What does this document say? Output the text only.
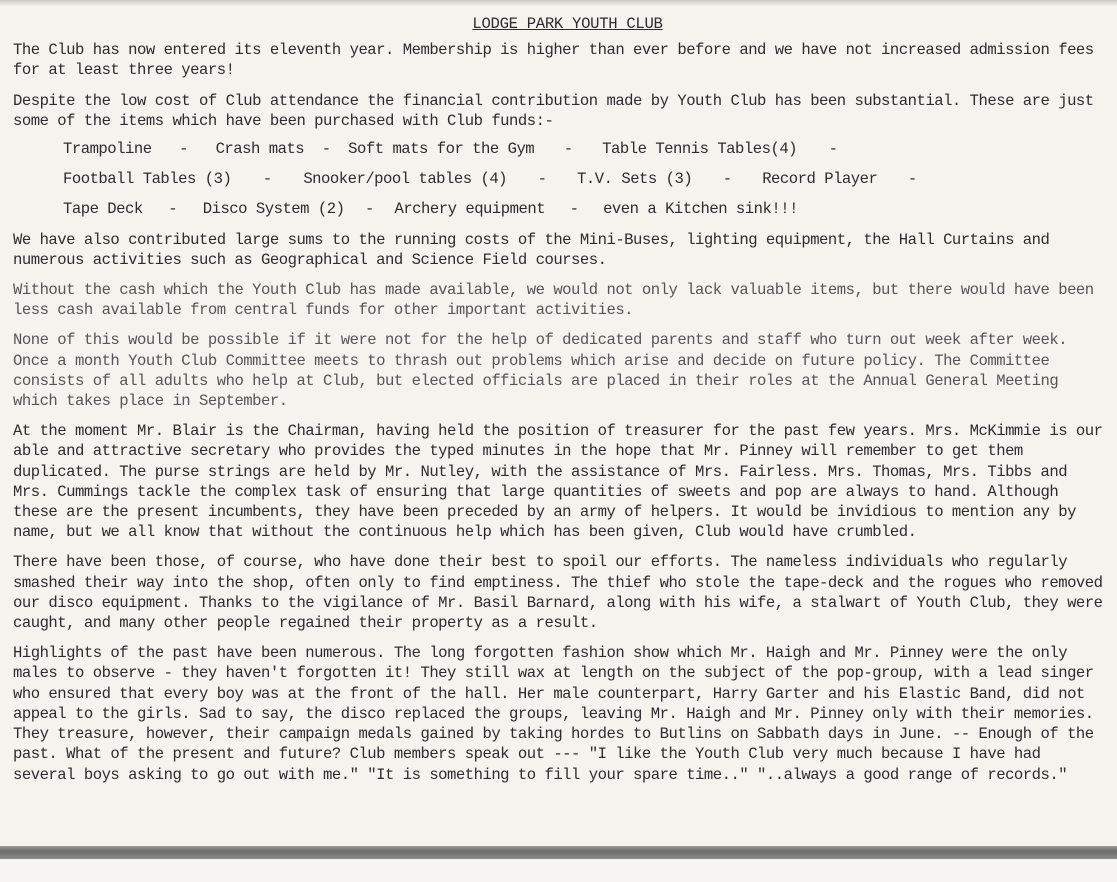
LODGE PARK YOUTH CLUB

The Club has now entered its eleventh year. Membership is higher than ever before and we have not increased admission fees for at least three years!

Despite the low cost of Club attendance the financial contribution made by Youth Club has been substantial. These are just some of the items which have been purchased with Club funds:-

Trampoline - Crash mats - Soft mats for the Gym - Table Tennis Tables(4) -
Football Tables (3) - Snooker/pool tables (4) - T.V. Sets (3) - Record Player -
Tape Deck - Disco System (2) - Archery equipment - even a Kitchen sink!!!

We have also contributed large sums to the running costs of the Mini-Buses, lighting equipment, the Hall Curtains and numerous activities such as Geographical and Science Field courses.

Without the cash which the Youth Club has made available, we would not only lack valuable items, but there would have been less cash available from central funds for other important activities.

None of this would be possible if it were not for the help of dedicated parents and staff who turn out week after week. Once a month Youth Club Committee meets to thrash out problems which arise and decide on future policy. The Committee consists of all adults who help at Club, but elected officials are placed in their roles at the Annual General Meeting which takes place in September.

At the moment Mr. Blair is the Chairman, having held the position of treasurer for the past few years. Mrs. McKimmie is our able and attractive secretary who provides the typed minutes in the hope that Mr. Pinney will remember to get them duplicated. The purse strings are held by Mr. Nutley, with the assistance of Mrs. Fairless. Mrs. Thomas, Mrs. Tibbs and Mrs. Cummings tackle the complex task of ensuring that large quantities of sweets and pop are always to hand. Although these are the present incumbents, they have been preceded by an army of helpers. It would be invidious to mention any by name, but we all know that without the continuous help which has been given, Club would have crumbled.

There have been those, of course, who have done their best to spoil our efforts. The nameless individuals who regularly smashed their way into the shop, often only to find emptiness. The thief who stole the tape-deck and the rogues who removed our disco equipment. Thanks to the vigilance of Mr. Basil Barnard, along with his wife, a stalwart of Youth Club, they were caught, and many other people regained their property as a result.

Highlights of the past have been numerous. The long forgotten fashion show which Mr. Haigh and Mr. Pinney were the only males to observe - they haven't forgotten it! They still wax at length on the subject of the pop-group, with a lead singer who ensured that every boy was at the front of the hall. Her male counterpart, Harry Garter and his Elastic Band, did not appeal to the girls. Sad to say, the disco replaced the groups, leaving Mr. Haigh and Mr. Pinney only with their memories. They treasure, however, their campaign medals gained by taking hordes to Butlins on Sabbath days in June. -- Enough of the past. What of the present and future? Club members speak out --- "I like the Youth Club very much because I have had several boys asking to go out with me." "It is something to fill your spare time.." "..always a good range of records."
